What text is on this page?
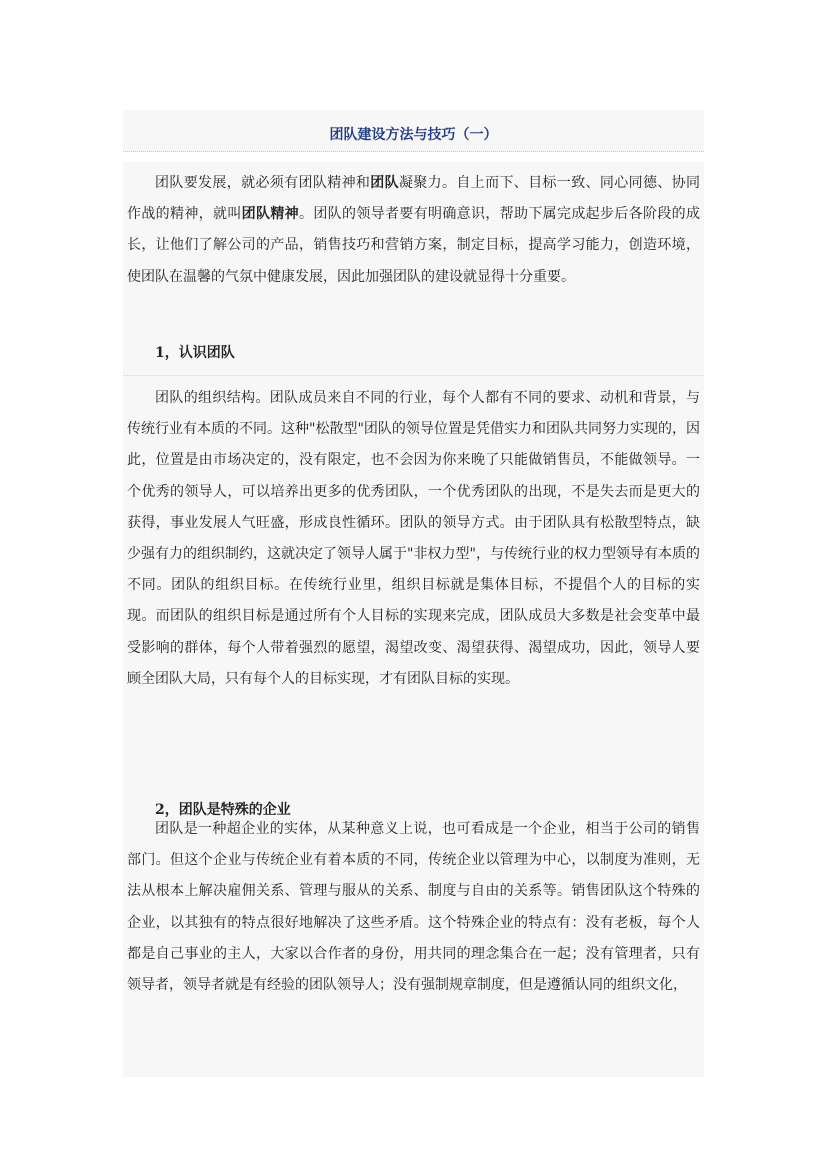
团队建设方法与技巧（一）

团队要发展，就必须有团队精神和团队凝聚力。自上而下、目标一致、同心同德、协同作战的精神，就叫团队精神。团队的领导者要有明确意识，帮助下属完成起步后各阶段的成长，让他们了解公司的产品，销售技巧和营销方案，制定目标，提高学习能力，创造环境，使团队在温馨的气氛中健康发展，因此加强团队的建设就显得十分重要。

1，认识团队

团队的组织结构。团队成员来自不同的行业，每个人都有不同的要求、动机和背景，与传统行业有本质的不同。这种"松散型"团队的领导位置是凭借实力和团队共同努力实现的，因此，位置是由市场决定的，没有限定，也不会因为你来晚了只能做销售员，不能做领导。一个优秀的领导人，可以培养出更多的优秀团队，一个优秀团队的出现，不是失去而是更大的获得，事业发展人气旺盛，形成良性循环。团队的领导方式。由于团队具有松散型特点，缺少强有力的组织制约，这就决定了领导人属于"非权力型"，与传统行业的权力型领导有本质的不同。团队的组织目标。在传统行业里，组织目标就是集体目标，不提倡个人的目标的实现。而团队的组织目标是通过所有个人目标的实现来完成，团队成员大多数是社会变革中最受影响的群体，每个人带着强烈的愿望，渴望改变、渴望获得、渴望成功，因此，领导人要顾全团队大局，只有每个人的目标实现，才有团队目标的实现。

2，团队是特殊的企业

团队是一种超企业的实体，从某种意义上说，也可看成是一个企业，相当于公司的销售部门。但这个企业与传统企业有着本质的不同，传统企业以管理为中心，以制度为准则，无法从根本上解决雇佣关系、管理与服从的关系、制度与自由的关系等。销售团队这个特殊的企业，以其独有的特点很好地解决了这些矛盾。这个特殊企业的特点有：没有老板，每个人都是自己事业的主人，大家以合作者的身份，用共同的理念集合在一起；没有管理者，只有领导者，领导者就是有经验的团队领导人；没有强制规章制度，但是遵循认同的组织文化，
